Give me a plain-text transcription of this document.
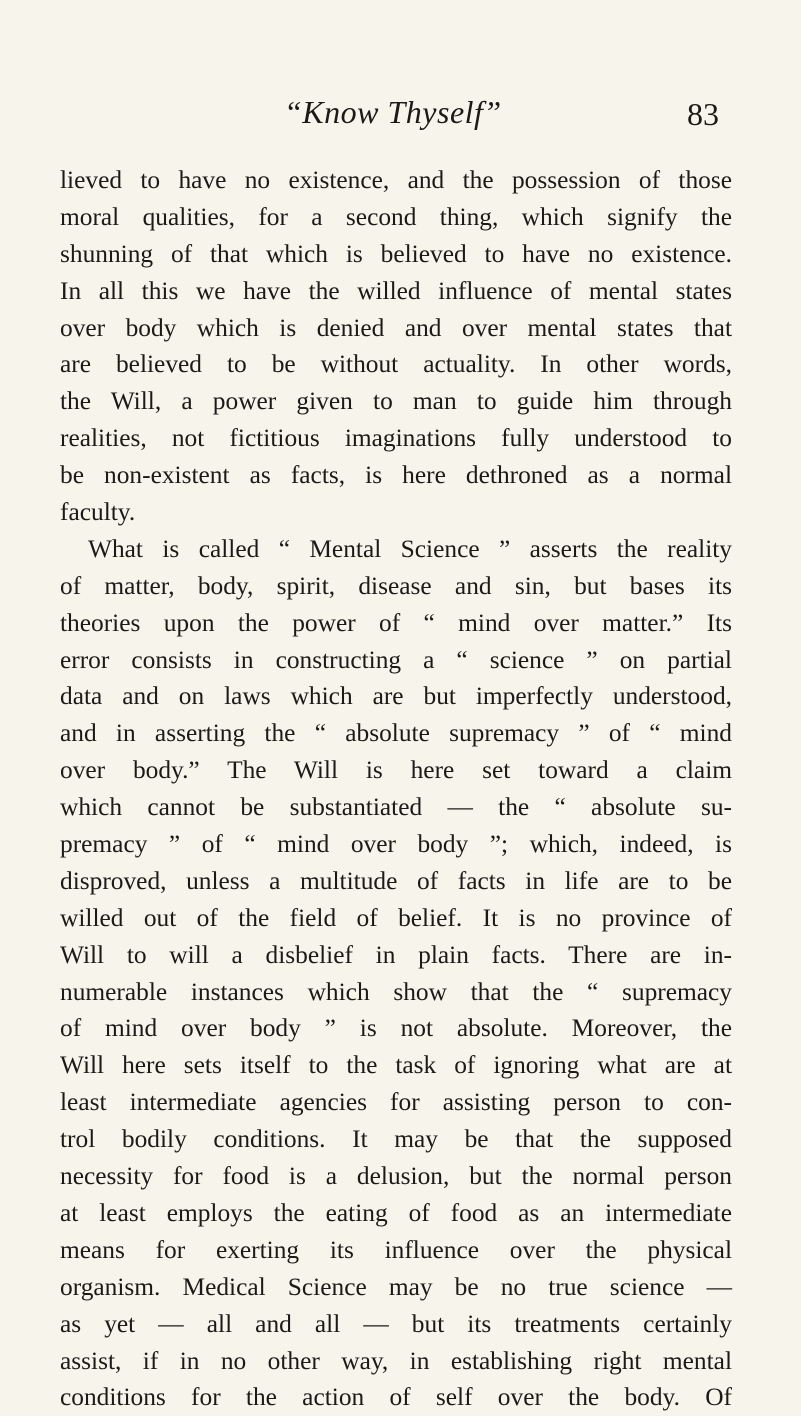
“Know Thyself”	83
lieved to have no existence, and the possession of those
moral qualities, for a second thing, which signify the
shunning of that which is believed to have no existence.
In all this we have the willed influence of mental states
over body which is denied and over mental states that
are believed to be without actuality. In other words,
the Will, a power given to man to guide him through
realities, not fictitious imaginations fully understood to
be non-existent as facts, is here dethroned as a normal
faculty.
What is called “ Mental Science ” asserts the reality
of matter, body, spirit, disease and sin, but bases its
theories upon the power of “ mind over matter.” Its
error consists in constructing a “ science ” on partial
data and on laws which are but imperfectly understood,
and in asserting the “ absolute supremacy ” of “ mind
over body.” The Will is here set toward a claim
which cannot be substantiated — the “ absolute su-
premacy ” of “ mind over body ”; which, indeed, is
disproved, unless a multitude of facts in life are to be
willed out of the field of belief. It is no province of
Will to will a disbelief in plain facts. There are in-
numerable instances which show that the “ supremacy
of mind over body ” is not absolute. Moreover, the
Will here sets itself to the task of ignoring what are at
least intermediate agencies for assisting person to con-
trol bodily conditions. It may be that the supposed
necessity for food is a delusion, but the normal person
at least employs the eating of food as an intermediate
means for exerting its influence over the physical
organism. Medical Science may be no true science —
as yet — all and all — but its treatments certainly
assist, if in no other way, in establishing right mental
conditions for the action of self over the body. Of
